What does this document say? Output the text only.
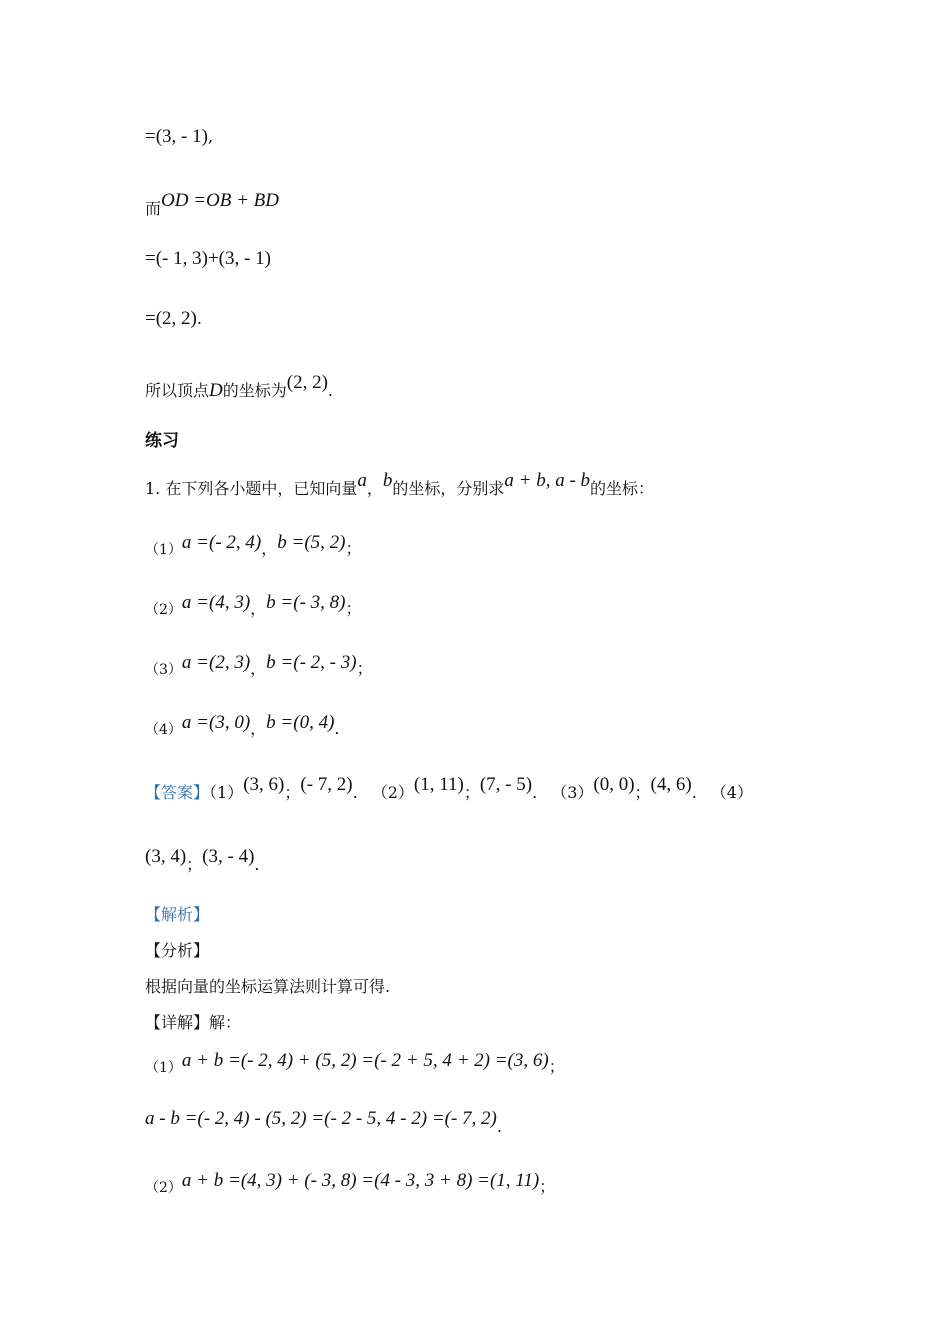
=(3, - 1),
而OD =OB + BD
=(- 1, 3)+(3, - 1)
=(2, 2).
所以顶点D的坐标为(2, 2).
练习
1. 在下列各小题中，已知向量a，b的坐标，分别求a + b, a - b的坐标：
（1）a =(- 2, 4)，b =(5, 2)；
（2）a =(4, 3)，b =(- 3, 8)；
（3）a =(2, 3)，b =(- 2, - 3)；
（4）a =(3, 0)，b =(0, 4).
【答案】（1）(3, 6)；(- 7, 2). （2）(1, 11)；(7, - 5). （3）(0, 0)；(4, 6). （4）
(3, 4)；(3, - 4).
【解析】
【分析】
根据向量的坐标运算法则计算可得.
【详解】解：
（1）a + b =(- 2, 4) + (5, 2) =(- 2 + 5, 4 + 2) =(3, 6)；
a - b =(- 2, 4) - (5, 2) =(- 2 - 5, 4 - 2) =(- 7, 2).
（2）a + b =(4, 3) + (- 3, 8) =(4 - 3, 3 + 8) =(1, 11)；
